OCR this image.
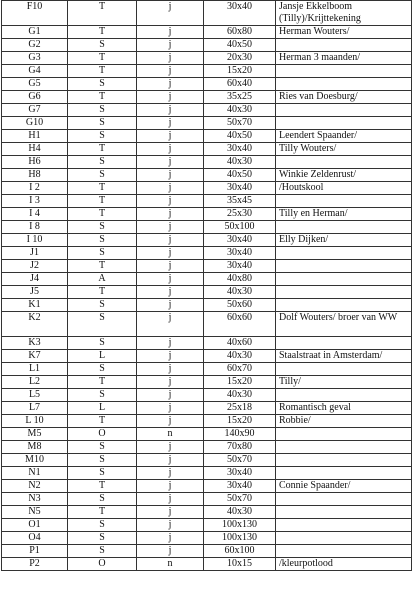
F10	T	j	30x40	Jansje Ekkelboom (Tilly)/Krijttekening
G1	T	j	60x80	Herman Wouters/
G2	S	j	40x50	
G3	T	j	20x30	Herman 3 maanden/
G4	T	j	15x20	
G5	S	j	60x40	
G6	T	j	35x25	Ries van Doesburg/
G7	S	j	40x30	
G10	S	j	50x70	
H1	S	j	40x50	Leendert Spaander/
H4	T	j	30x40	Tilly Wouters/
H6	S	j	40x30	
H8	S	j	40x50	Winkie Zeldenrust/
I 2	T	j	30x40	/Houtskool
I 3	T	j	35x45	
I 4	T	j	25x30	Tilly en Herman/
I 8	S	j	50x100	
I 10	S	j	30x40	Elly Dijken/
J1	S	j	30x40	
J2	T	j	30x40	
J4	A	j	40x80	
J5	T	j	40x30	
K1	S	j	50x60	
K2	S	j	60x60	Dolf Wouters/ broer van WW
K3	S	j	40x60	
K7	L	j	40x30	Staalstraat in Amsterdam/
L1	S	j	60x70	
L2	T	j	15x20	Tilly/
L5	S	j	40x30	
L7	L	j	25x18	Romantisch geval
L 10	T	j	15x20	Robbie/
M5	O	n	140x90	
M8	S	j	70x80	
M10	S	j	50x70	
N1	S	j	30x40	
N2	T	j	30x40	Connie Spaander/
N3	S	j	50x70	
N5	T	j	40x30	
O1	S	j	100x130	
O4	S	j	100x130	
P1	S	j	60x100	
P2	O	n	10x15	/kleurpotlood
